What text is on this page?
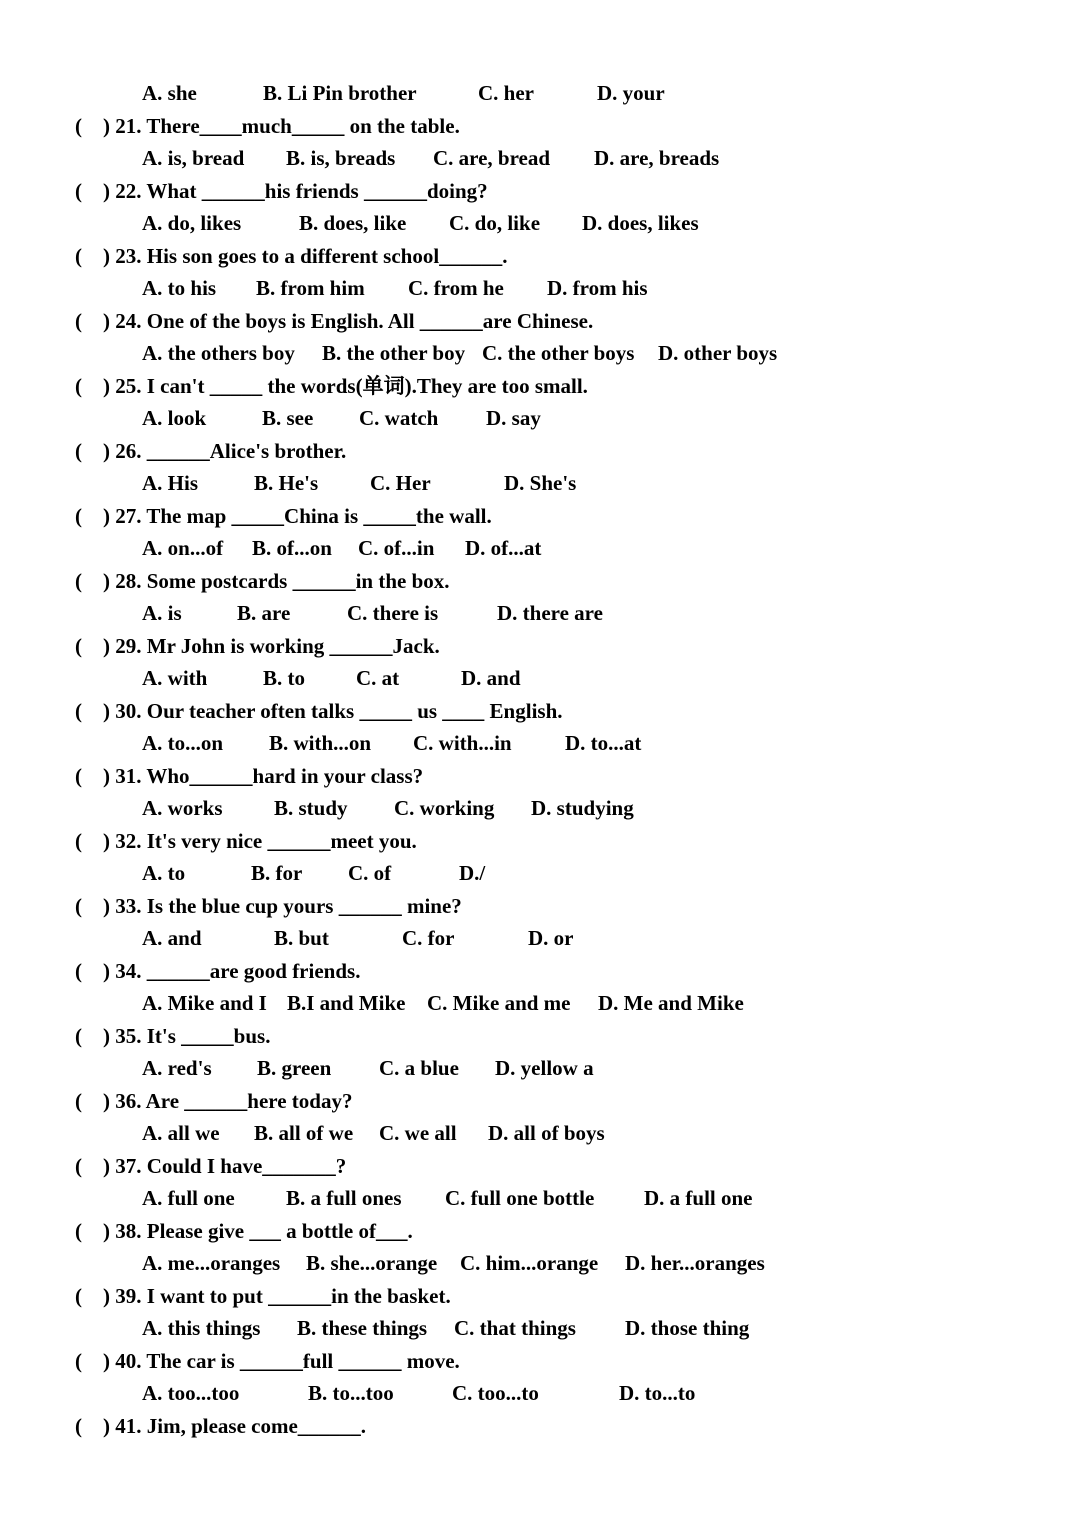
A. she	B. Li Pin brother	C. her	D. your
( ) 21. There____much_____ on the table.
A. is, bread B. is, breads C. are, bread D. are, breads
( ) 22. What ______his friends ______doing?
A. do, likes	B. does, like C. do, like D. does, likes
( ) 23. His son goes to a different school______.
A. to his B. from him C. from he D. from his
( ) 24. One of the boys is English. All ______are Chinese.
A. the others boy B. the other boy C. the other boys D. other boys
( ) 25. I can't _____ the words(单词).They are too small.
A. look	B. see C. watch D. say
( ) 26. ______Alice's brother.
A. His	B. He's C. Her	D. She's
( ) 27. The map _____China is _____the wall.
A. on...of B. of...on C. of...in D. of...at
( ) 28. Some postcards ______in the box.
A. is	B. are	C. there is	D. there are
( ) 29. Mr John is working ______Jack.
A. with	B. to C. at	D. and
( ) 30. Our teacher often talks _____ us ____ English.
A. to...on B. with...on C. with...in	D. to...at
( ) 31. Who______hard in your class?
A. works B. study C. working D. studying
( ) 32. It's very nice ______meet you.
A. to	B. for C. of	D./
( ) 33. Is the blue cup yours ______ mine?
A. and	B. but	C. for	D. or
( ) 34. ______are good friends.
A. Mike and I B.I and Mike C. Mike and me D. Me and Mike
( ) 35. It's _____bus.
A. red's B. green C. a blue D. yellow a
( ) 36. Are ______here today?
A. all we B. all of we C. we all D. all of boys
( ) 37. Could I have_______?
A. full one B. a full ones C. full one bottle D. a full one
( ) 38. Please give ___ a bottle of___.
A. me...oranges B. she...orange C. him...orange D. her...oranges
( ) 39. I want to put ______in the basket.
A. this things B. these things C. that things D. those thing
( ) 40. The car is ______full ______ move.
A. too...too	B. to...too	C. too...to	D. to...to
( ) 41. Jim, please come______.
